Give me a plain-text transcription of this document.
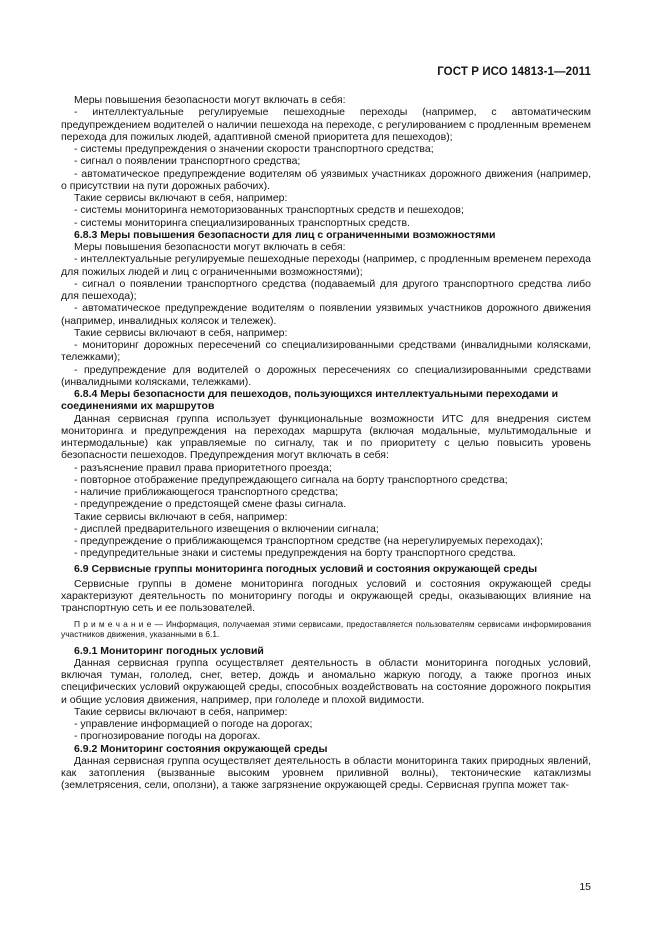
ГОСТ Р ИСО 14813-1—2011

Меры повышения безопасности могут включать в себя:

- интеллектуальные регулируемые пешеходные переходы (например, с автоматическим предупреждением водителей о наличии пешехода на переходе, с регулированием с продленным временем перехода для пожилых людей, адаптивной сменой приоритета для пешеходов);

- системы предупреждения о значении скорости транспортного средства;

- сигнал о появлении транспортного средства;

- автоматическое предупреждение водителям об уязвимых участниках дорожного движения (например, о присутствии на пути дорожных рабочих).

Такие сервисы включают в себя, например:

- системы мониторинга немоторизованных транспортных средств и пешеходов;

- системы мониторинга специализированных транспортных средств.

6.8.3 Меры повышения безопасности для лиц с ограниченными возможностями

Меры повышения безопасности могут включать в себя:

- интеллектуальные регулируемые пешеходные переходы (например, с продленным временем перехода для пожилых людей и лиц с ограниченными возможностями);

- сигнал о появлении транспортного средства (подаваемый для другого транспортного средства либо для пешехода);

- автоматическое предупреждение водителям о появлении уязвимых участников дорожного движения (например, инвалидных колясок и тележек).

Такие сервисы включают в себя, например:

- мониторинг дорожных пересечений со специализированными средствами (инвалидными колясками, тележками);

- предупреждение для водителей о дорожных пересечениях со специализированными средствами (инвалидными колясками, тележками).

6.8.4 Меры безопасности для пешеходов, пользующихся интеллектуальными переходами и соединениями их маршрутов

Данная сервисная группа использует функциональные возможности ИТС для внедрения систем мониторинга и предупреждения на переходах маршрута (включая модальные, мультимодальные и интермодальные) как управляемые по сигналу, так и по приоритету с целью повысить уровень безопасности пешеходов. Предупреждения могут включать в себя:

- разъяснение правил права приоритетного проезда;

- повторное отображение предупреждающего сигнала на борту транспортного средства;

- наличие приближающегося транспортного средства;

- предупреждение о предстоящей смене фазы сигнала.

Такие сервисы включают в себя, например:

- дисплей предварительного извещения о включении сигнала;

- предупреждение о приближающемся транспортном средстве (на нерегулируемых переходах);

- предупредительные знаки и системы предупреждения на борту транспортного средства.

6.9 Сервисные группы мониторинга погодных условий и состояния окружающей среды

Сервисные группы в домене мониторинга погодных условий и состояния окружающей среды характеризуют деятельность по мониторингу погоды и окружающей среды, оказывающих влияние на транспортную сеть и ее пользователей.

П р и м е ч а н и е — Информация, получаемая этими сервисами, предоставляется пользователям сервисами информирования участников движения, указанными в 6.1.

6.9.1 Мониторинг погодных условий

Данная сервисная группа осуществляет деятельность в области мониторинга погодных условий, включая туман, гололед, снег, ветер, дождь и аномально жаркую погоду, а также прогноз иных специфических условий окружающей среды, способных воздействовать на состояние дорожного покрытия и общие условия движения, например, при гололеде и плохой видимости.

Такие сервисы включают в себя, например:

- управление информацией о погоде на дорогах;

- прогнозирование погоды на дорогах.

6.9.2 Мониторинг состояния окружающей среды

Данная сервисная группа осуществляет деятельность в области мониторинга таких природных явлений, как затопления (вызванные высоким уровнем приливной волны), тектонические катаклизмы (землетрясения, сели, оползни), а также загрязнение окружающей среды. Сервисная группа может так-

15
